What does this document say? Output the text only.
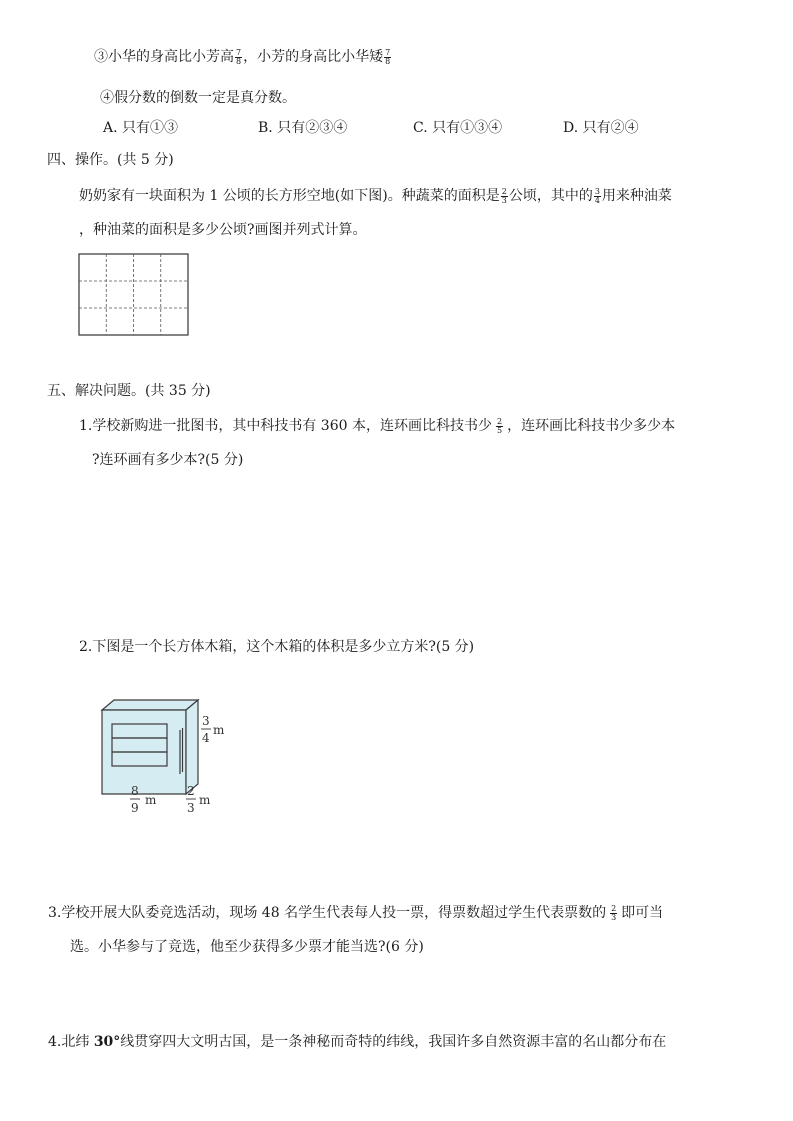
③小华的身高比小芳高 $\frac{7}{8}$ ，小芳的身高比小华矮 $\frac{7}{8}$
④假分数的倒数一定是真分数。
A. 只有①③	B. 只有②③④	C. 只有①③④	D. 只有②④
四、操作。(共 5 分)
奶奶家有一块面积为 1 公顷的长方形空地(如下图)。种蔬菜的面积是 $\frac{2}{3}$ 公顷，其中的 $\frac{3}{4}$ 用来种油菜
，种油菜的面积是多少公顷?画图并列式计算。
五、解决问题。(共 35 分)
1.学校新购进一批图书，其中科技书有 360 本，连环画比科技书少 $\frac{2}{5}$ ，连环画比科技书少多少本
?连环画有多少本?(5 分)
2.下图是一个长方体木箱，这个木箱的体积是多少立方米?(5 分)
3
4
m
8
9
m
2
3
m
3.学校开展大队委竞选活动，现场 48 名学生代表每人投一票，得票数超过学生代表票数的 $\frac{2}{3}$ 即可当
选。小华参与了竞选，他至少获得多少票才能当选?(6 分)
4.北纬 30°线贯穿四大文明古国，是一条神秘而奇特的纬线，我国许多自然资源丰富的名山都分布在
